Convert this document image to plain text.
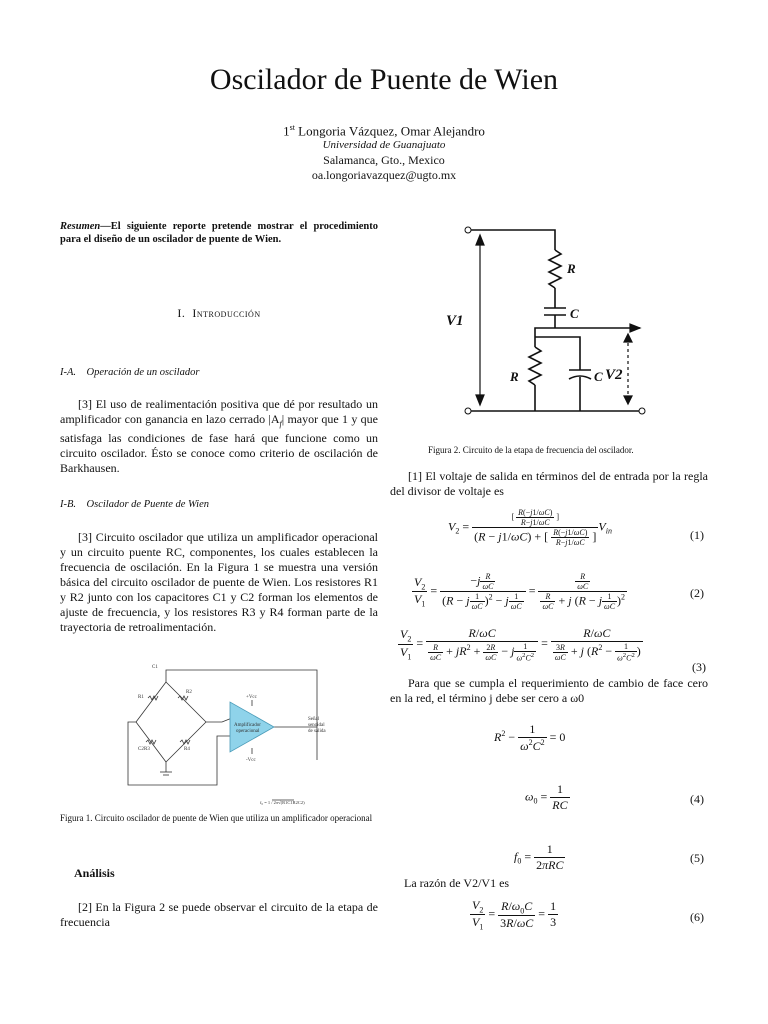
Oscilador de Puente de Wien
1st Longoria Vázquez, Omar Alejandro
Universidad de Guanajuato
Salamanca, Gto., Mexico
oa.longoriavazquez@ugto.mx
Resumen—El siguiente reporte pretende mostrar el procedimiento para el diseño de un oscilador de puente de Wien.
I. Introducción
I-A. Operación de un oscilador
[3] El uso de realimentación positiva que dé por resultado un amplificador con ganancia en lazo cerrado $|A_f|$ mayor que 1 y que satisfaga las condiciones de fase hará que funcione como un circuito oscilador. Ésto se conoce como criterio de oscilación de Barkhausen.
I-B. Oscilador de Puente de Wien
[3] Circuito oscilador que utiliza un amplificador operacional y un circuito puente RC, componentes, los cuales establecen la frecuencia de oscilación. En la Figura 1 se muestra una versión básica del circuito oscilador de puente de Wien. Los resistores R1 y R2 junto con los capacitores C1 y C2 forman los elementos de ajuste de frecuencia, y los resistores R3 y R4 forman parte de la trayectoria de retroalimentación.
C1
C2
R1
R2
R3	R4
+Vcc
-Vcc
Amplificador
operacional
Señal
senoidal
de salida
f₀ = 1 / 2π√(R1C1R2C2)
Figura 1. Circuito oscilador de puente de Wien que utiliza un amplificador operacional
Análisis
[2] En la Figura 2 se puede observar el circuito de la etapa de frecuencia
R
C
R	C
V1
V2
Figura 2. Circuito de la etapa de frecuencia del oscilador.
[1] El voltaje de salida en términos del de entrada por la regla del divisor de voltaje es
$V_2 = \frac{[ \frac{R(-j1/\omega C)}{R-j1/\omega C} ]}{(R - j1/\omega C) + [ \frac{R(-j1/\omega C)}{R-j1/\omega C} ]} V_{in}$	(1)
$\frac{V_2}{V_1} = \frac{-j \frac{R}{\omega C}}{(R - j \frac{1}{\omega C} )^2 - j \frac{1}{\omega C}} = \frac{\frac{R}{\omega C}}{\frac{R}{\omega C} + j (R - j \frac{1}{\omega C} )^2}$	(2)
$\frac{V_2}{V_1} = \frac{R/\omega C}{\frac{R}{\omega C} + jR^2 + \frac{2R}{\omega C} - j \frac{1}{\omega^2C^2}} = \frac{R/\omega C}{\frac{3R}{\omega C} + j (R^2 - \frac{1}{\omega^2C^2} )}$
(3)
Para que se cumpla el requerimiento de cambio de face cero en la red, el término j debe ser cero a ω0
$R^2 - \frac{1}{\omega^2C^2} = 0$
$\omega_0 = \frac{1}{RC}$	(4)
$f_0 = \frac{1}{\text{2πRC}}$	(5)
La razón de V2/V1 es
$\frac{V_2}{V_1} = \frac{R/\omega_0C}{3R/\omega C} = \frac{1}{3}$	(6)
